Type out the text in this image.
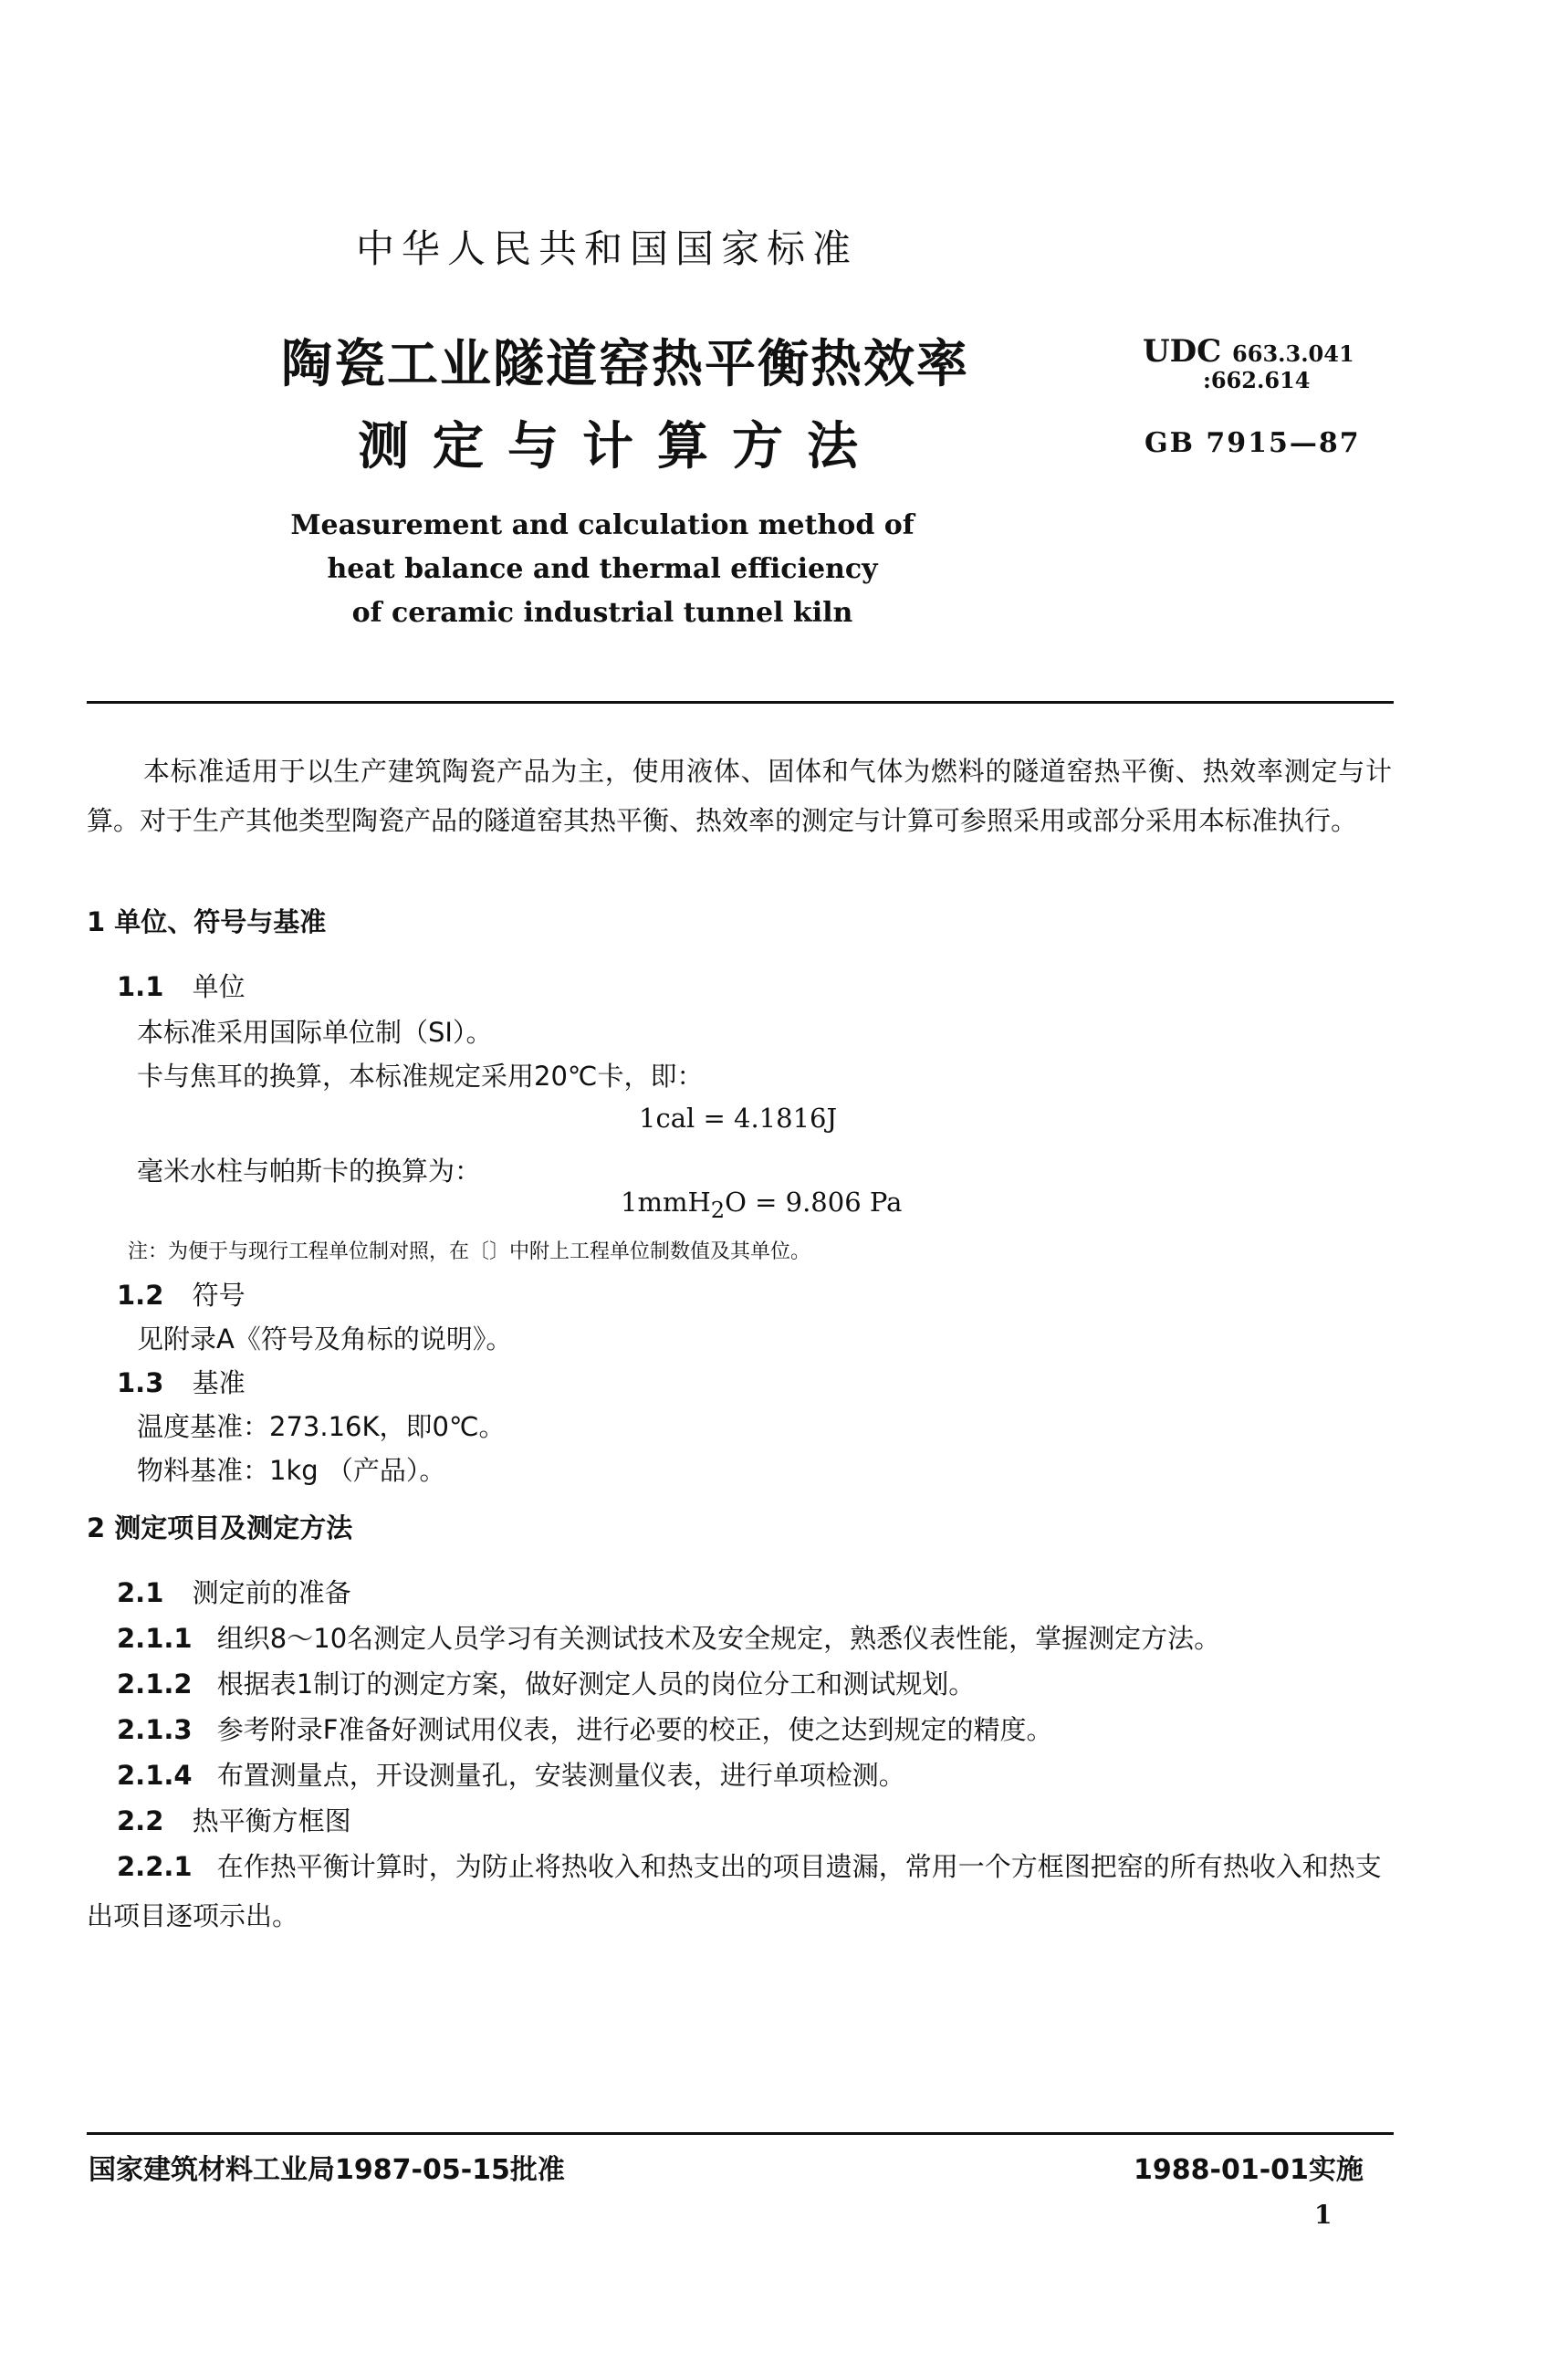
中华人民共和国国家标准
陶瓷工业隧道窑热平衡热效率
测定与计算方法
UDC 663.3.041
:662.614
GB 7915—87
Measurement and calculation method of
heat balance and thermal efficiency
of ceramic industrial tunnel kiln
本标准适用于以生产建筑陶瓷产品为主，使用液体、固体和气体为燃料的隧道窑热平衡、热效率测定与计算。对于生产其他类型陶瓷产品的隧道窑其热平衡、热效率的测定与计算可参照采用或部分采用本标准执行。
1 单位、符号与基准
1.1 单位
本标准采用国际单位制（SI）。
卡与焦耳的换算，本标准规定采用20℃卡，即：
1cal = 4.1816J
毫米水柱与帕斯卡的换算为：
1mmH$_2$O = 9.806 Pa
注：为便于与现行工程单位制对照，在〔〕中附上工程单位制数值及其单位。
1.2 符号
见附录A《符号及角标的说明》。
1.3 基准
温度基准：273.16K，即0℃。
物料基准：1kg （产品）。
2 测定项目及测定方法
2.1 测定前的准备
2.1.1 组织8～10名测定人员学习有关测试技术及安全规定，熟悉仪表性能，掌握测定方法。
2.1.2 根据表1制订的测定方案，做好测定人员的岗位分工和测试规划。
2.1.3 参考附录F准备好测试用仪表，进行必要的校正，使之达到规定的精度。
2.1.4 布置测量点，开设测量孔，安装测量仪表，进行单项检测。
2.2 热平衡方框图
2.2.1 在作热平衡计算时，为防止将热收入和热支出的项目遗漏，常用一个方框图把窑的所有热收入和热支出项目逐项示出。
国家建筑材料工业局1987-05-15批准	1988-01-01实施
1
